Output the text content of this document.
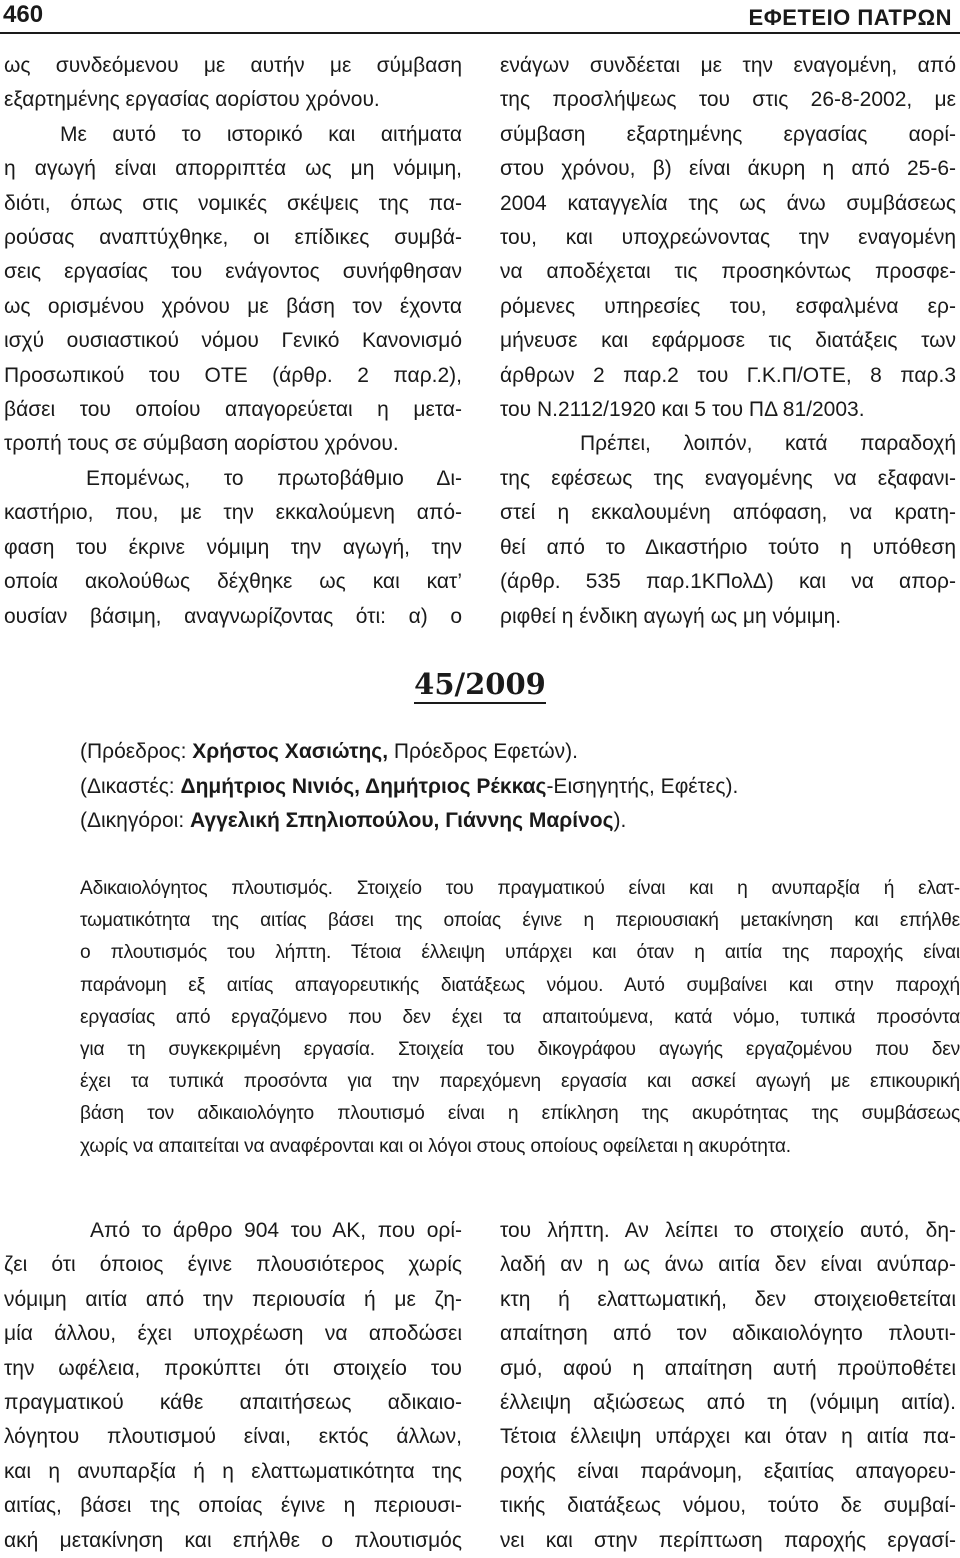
460	ΕΦΕΤΕΙΟ ΠΑΤΡΩΝ

ως συνδεόμενου με αυτήν με σύμβαση

εξαρτημένης εργασίας αορίστου χρόνου.

Με αυτό το ιστορικό και αιτήματα

η αγωγή είναι απορριπτέα ως μη νόμιμη,

διότι, όπως στις νομικές σκέψεις της πα-

ρούσας αναπτύχθηκε, οι επίδικες συμβά-

σεις εργασίας του ενάγοντος συνήφθησαν

ως ορισμένου χρόνου με βάση τον έχοντα

ισχύ ουσιαστικού νόμου Γενικό Κανονισμό

Προσωπικού του ΟΤΕ (άρθρ. 2 παρ.2),

βάσει του οποίου απαγορεύεται η μετα-

τροπή τους σε σύμβαση αορίστου χρόνου.

Επομένως, το πρωτοβάθμιο Δι-

καστήριο, που, με την εκκαλούμενη από-

φαση του έκρινε νόμιμη την αγωγή, την

οποία ακολούθως δέχθηκε ως και κατ’

ουσίαν βάσιμη, αναγνωρίζοντας ότι: α) ο

ενάγων συνδέεται με την εναγομένη, από

της προσλήψεως του στις 26-8-2002, με

σύμβαση εξαρτημένης εργασίας αορί-

στου χρόνου, β) είναι άκυρη η από 25-6-

2004 καταγγελία της ως άνω συμβάσεως

του, και υποχρεώνοντας την εναγομένη

να αποδέχεται τις προσηκόντως προσφε-

ρόμενες υπηρεσίες του, εσφαλμένα ερ-

μήνευσε και εφάρμοσε τις διατάξεις των

άρθρων 2 παρ.2 του Γ.Κ.Π/ΟΤΕ, 8 παρ.3

του Ν.2112/1920 και 5 του ΠΔ 81/2003.

Πρέπει, λοιπόν, κατά παραδοχή

της εφέσεως της εναγομένης να εξαφανι-

στεί η εκκαλουμένη απόφαση, να κρατη-

θεί από το Δικαστήριο τούτο η υπόθεση

(άρθρ. 535 παρ.1ΚΠολΔ) και να απορ-

ριφθεί η ένδικη αγωγή ως μη νόμιμη.

45/2009
(Πρόεδρος: Χρήστος Χασιώτης, Πρόεδρος Εφετών).
(Δικαστές: Δημήτριος Νινιός, Δημήτριος Ρέκκας-Εισηγητής, Εφέτες).
(Δικηγόροι: Αγγελική Σπηλιοπούλου, Γιάννης Μαρίνος).

Αδικαιολόγητος πλουτισμός. Στοιχείο του πραγματικού είναι και η ανυπαρξία ή ελατ-

τωματικότητα της αιτίας βάσει της οποίας έγινε η περιουσιακή μετακίνηση και επήλθε

ο πλουτισμός του λήπτη. Τέτοια έλλειψη υπάρχει και όταν η αιτία της παροχής είναι

παράνομη εξ αιτίας απαγορευτικής διατάξεως νόμου. Αυτό συμβαίνει και στην παροχή

εργασίας από εργαζόμενο που δεν έχει τα απαιτούμενα, κατά νόμο, τυπικά προσόντα

για τη συγκεκριμένη εργασία. Στοιχεία του δικογράφου αγωγής εργαζομένου που δεν

έχει τα τυπικά προσόντα για την παρεχόμενη εργασία και ασκεί αγωγή με επικουρική

βάση τον αδικαιολόγητο πλουτισμό είναι η επίκληση της ακυρότητας της συμβάσεως

χωρίς να απαιτείται να αναφέρονται και οι λόγοι στους οποίους οφείλεται η ακυρότητα.

Από το άρθρο 904 του ΑΚ, που ορί-

ζει ότι όποιος έγινε πλουσιότερος χωρίς

νόμιμη αιτία από την περιουσία ή με ζη-

μία άλλου, έχει υποχρέωση να αποδώσει

την ωφέλεια, προκύπτει ότι στοιχείο του

πραγματικού κάθε απαιτήσεως αδικαιο-

λόγητου πλουτισμού είναι, εκτός άλλων,

και η ανυπαρξία ή η ελαττωματικότητα της

αιτίας, βάσει της οποίας έγινε η περιουσι-

ακή μετακίνηση και επήλθε ο πλουτισμός

του λήπτη. Αν λείπει το στοιχείο αυτό, δη-

λαδή αν η ως άνω αιτία δεν είναι ανύπαρ-

κτη ή ελαττωματική, δεν στοιχειοθετείται

απαίτηση από τον αδικαιολόγητο πλουτι-

σμό, αφού η απαίτηση αυτή προϋποθέτει

έλλειψη αξιώσεως από τη (νόμιμη αιτία).

Τέτοια έλλειψη υπάρχει και όταν η αιτία πα-

ροχής είναι παράνομη, εξαιτίας απαγορευ-

τικής διατάξεως νόμου, τούτο δε συμβαί-

νει και στην περίπτωση παροχής εργασί-
